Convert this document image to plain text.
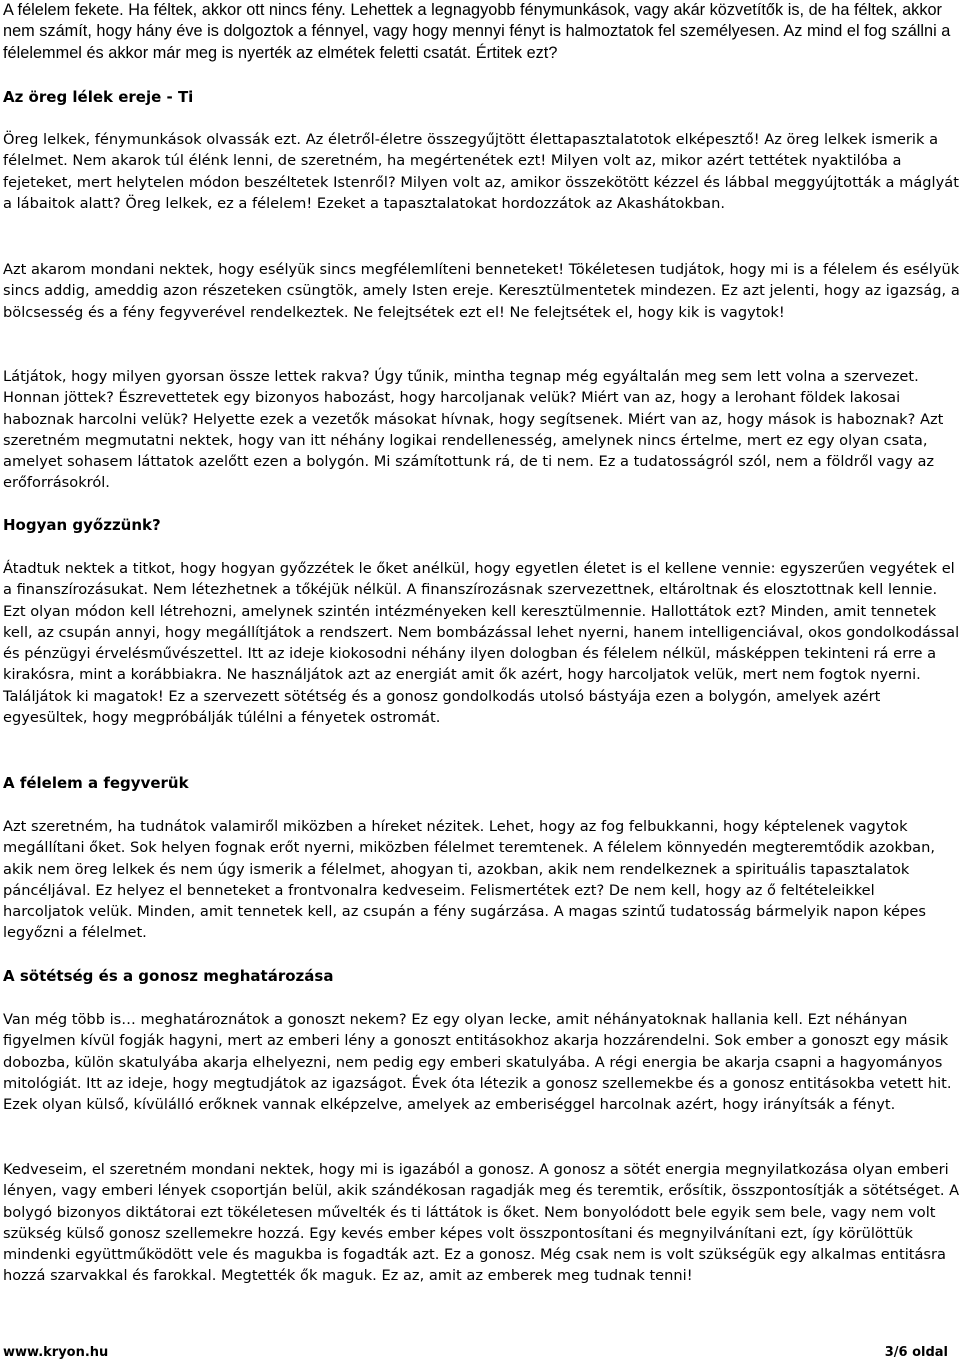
A félelem fekete. Ha féltek, akkor ott nincs fény. Lehettek a legnagyobb fénymunkások, vagy akár közvetítők is, de ha féltek, akkor nem számít, hogy hány éve is dolgoztok a fénnyel, vagy hogy mennyi fényt is halmoztatok fel személyesen. Az mind el fog szállni a félelemmel és akkor már meg is nyerték az elmétek feletti csatát. Értitek ezt?

Az öreg lélek ereje - Ti

Öreg lelkek, fénymunkások olvassák ezt. Az életről-életre összegyűjtött élettapasztalatotok elképesztő! Az öreg lelkek ismerik a félelmet. Nem akarok túl élénk lenni, de szeretném, ha megértenétek ezt! Milyen volt az, mikor azért tettétek nyaktilóba a fejeteket, mert helytelen módon beszéltetek Istenről? Milyen volt az, amikor összekötött kézzel és lábbal meggyújtották a máglyát a lábaitok alatt? Öreg lelkek, ez a félelem! Ezeket a tapasztalatokat hordozzátok az Akashátokban.

Azt akarom mondani nektek, hogy esélyük sincs megfélemlíteni benneteket! Tökéletesen tudjátok, hogy mi is a félelem és esélyük sincs addig, ameddig azon részeteken csüngtök, amely Isten ereje. Keresztülmentetek mindezen. Ez azt jelenti, hogy az igazság, a bölcsesség és a fény fegyverével rendelkeztek. Ne felejtsétek ezt el! Ne felejtsétek el, hogy kik is vagytok!

Látjátok, hogy milyen gyorsan össze lettek rakva? Úgy tűnik, mintha tegnap még egyáltalán meg sem lett volna a szervezet. Honnan jöttek? Észrevettetek egy bizonyos habozást, hogy harcoljanak velük? Miért van az, hogy a lerohant földek lakosai haboznak harcolni velük? Helyette ezek a vezetők másokat hívnak, hogy segítsenek. Miért van az, hogy mások is haboznak? Azt szeretném megmutatni nektek, hogy van itt néhány logikai rendellenesség, amelynek nincs értelme, mert ez egy olyan csata, amelyet sohasem láttatok azelőtt ezen a bolygón. Mi számítottunk rá, de ti nem. Ez a tudatosságról szól, nem a földről vagy az erőforrásokról.

Hogyan győzzünk?

Átadtuk nektek a titkot, hogy hogyan győzzétek le őket anélkül, hogy egyetlen életet is el kellene vennie: egyszerűen vegyétek el a finanszírozásukat. Nem létezhetnek a tőkéjük nélkül. A finanszírozásnak szervezettnek, eltároltnak és elosztottnak kell lennie. Ezt olyan módon kell létrehozni, amelynek szintén intézményeken kell keresztülmennie. Hallottátok ezt? Minden, amit tennetek kell, az csupán annyi, hogy megállítjátok a rendszert. Nem bombázással lehet nyerni, hanem intelligenciával, okos gondolkodással és pénzügyi érvelésművészettel. Itt az ideje kiokosodni néhány ilyen dologban és félelem nélkül, másképpen tekinteni rá erre a kirakósra, mint a korábbiakra. Ne használjátok azt az energiát amit ők azért, hogy harcoljatok velük, mert nem fogtok nyerni. Találjátok ki magatok! Ez a szervezett sötétség és a gonosz gondolkodás utolsó bástyája ezen a bolygón, amelyek azért egyesültek, hogy megpróbálják túlélni a fényetek ostromát.

A félelem a fegyverük

Azt szeretném, ha tudnátok valamiről miközben a híreket nézitek. Lehet, hogy az fog felbukkanni, hogy képtelenek vagytok megállítani őket. Sok helyen fognak erőt nyerni, miközben félelmet teremtenek. A félelem könnyedén megteremtődik azokban, akik nem öreg lelkek és nem úgy ismerik a félelmet, ahogyan ti, azokban, akik nem rendelkeznek a spirituális tapasztalatok páncéljával. Ez helyez el benneteket a frontvonalra kedveseim. Felismertétek ezt? De nem kell, hogy az ő feltételeikkel harcoljatok velük. Minden, amit tennetek kell, az csupán a fény sugárzása. A magas szintű tudatosság bármelyik napon képes legyőzni a félelmet.

A sötétség és a gonosz meghatározása

Van még több is… meghatároznátok a gonoszt nekem? Ez egy olyan lecke, amit néhányatoknak hallania kell. Ezt néhányan figyelmen kívül fogják hagyni, mert az emberi lény a gonoszt entitásokhoz akarja hozzárendelni. Sok ember a gonoszt egy másik dobozba, külön skatulyába akarja elhelyezni, nem pedig egy emberi skatulyába. A régi energia be akarja csapni a hagyományos mitológiát. Itt az ideje, hogy megtudjátok az igazságot. Évek óta létezik a gonosz szellemekbe és a gonosz entitásokba vetett hit. Ezek olyan külső, kívülálló erőknek vannak elképzelve, amelyek az emberiséggel harcolnak azért, hogy irányítsák a fényt.

Kedveseim, el szeretném mondani nektek, hogy mi is igazából a gonosz. A gonosz a sötét energia megnyilatkozása olyan emberi lényen, vagy emberi lények csoportján belül, akik szándékosan ragadják meg és teremtik, erősítik, összpontosítják a sötétséget. A bolygó bizonyos diktátorai ezt tökéletesen művelték és ti láttátok is őket. Nem bonyolódott bele egyik sem bele, vagy nem volt szükség külső gonosz szellemekre hozzá. Egy kevés ember képes volt összpontosítani és megnyilvánítani ezt, így körülöttük mindenki együttműködött vele és magukba is fogadták azt. Ez a gonosz. Még csak nem is volt szükségük egy alkalmas entitásra hozzá szarvakkal és farokkal. Megtették ők maguk. Ez az, amit az emberek meg tudnak tenni!

www.kryon.hu	3/6 oldal
